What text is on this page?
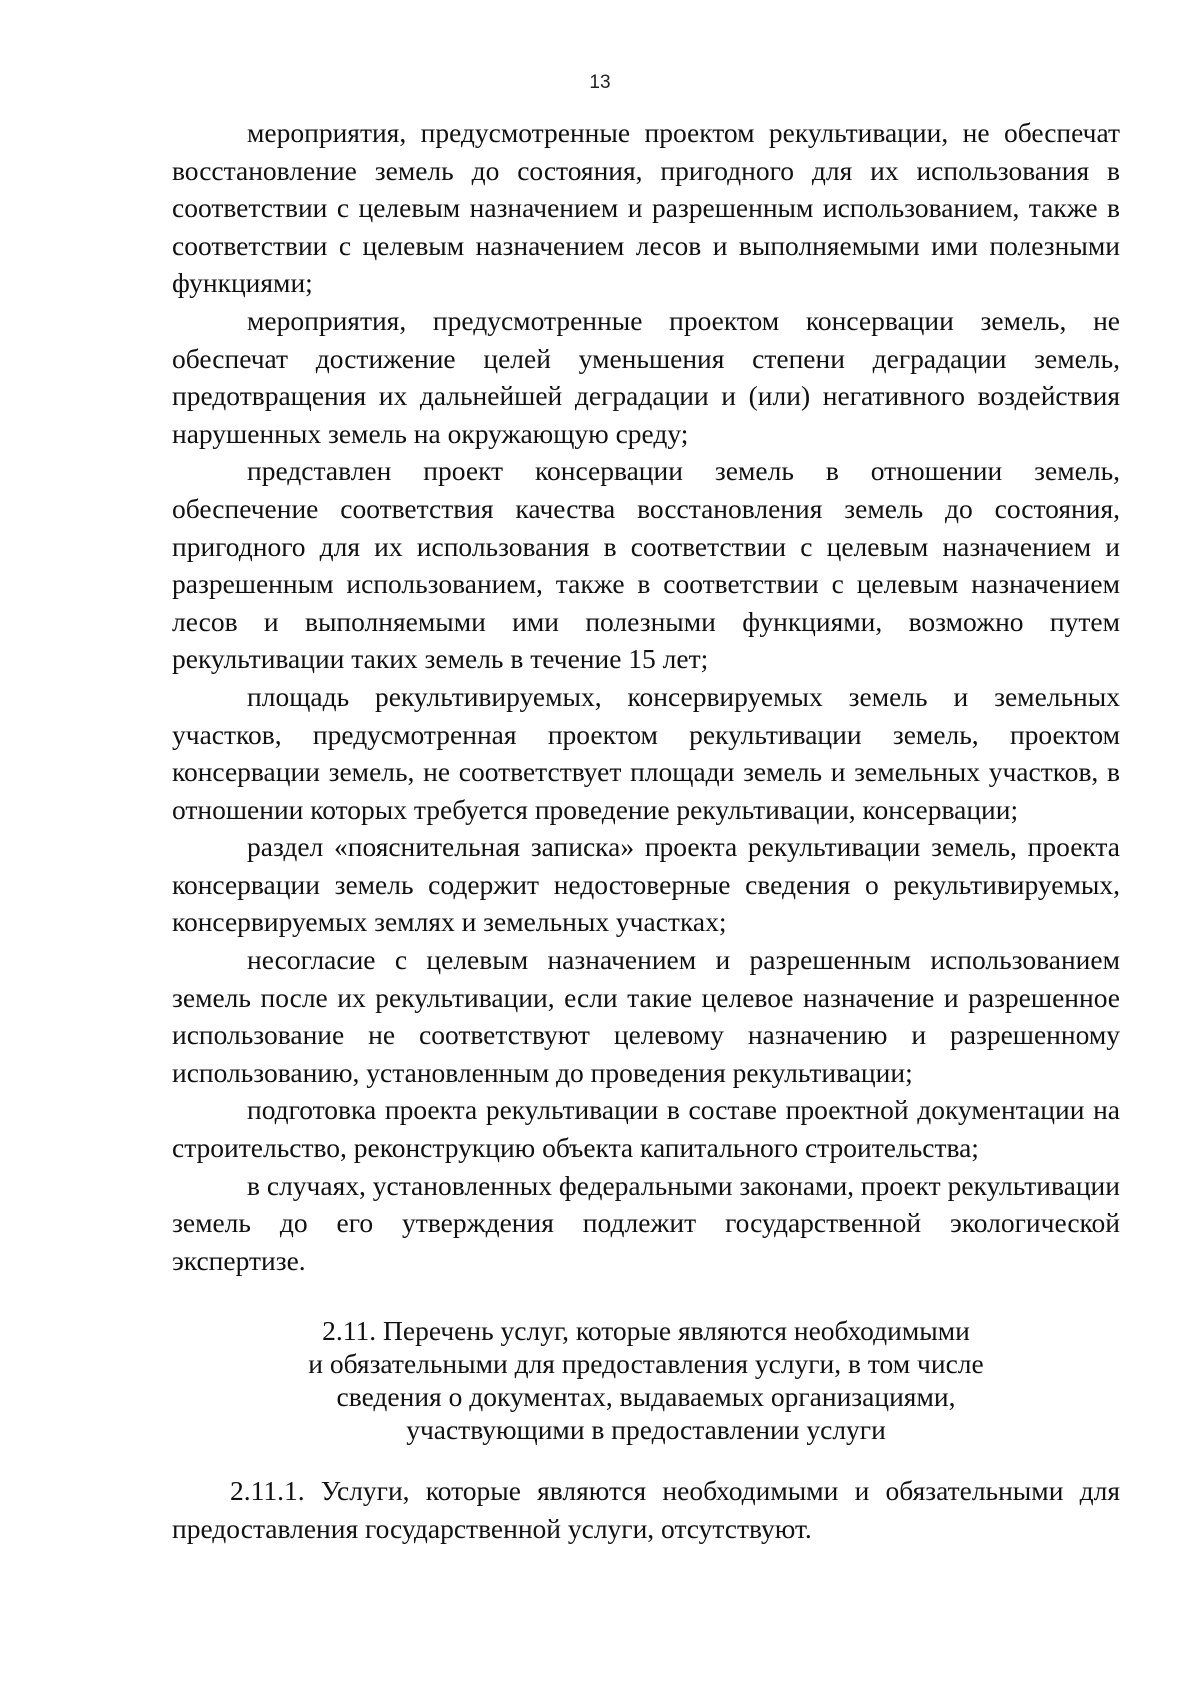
13

мероприятия, предусмотренные проектом рекультивации, не обеспечат восстановление земель до состояния, пригодного для их использования в соответствии с целевым назначением и разрешенным использованием, также в соответствии с целевым назначением лесов и выполняемыми ими полезными функциями;

мероприятия, предусмотренные проектом консервации земель, не обеспечат достижение целей уменьшения степени деградации земель, предотвращения их дальнейшей деградации и (или) негативного воздействия нарушенных земель на окружающую среду;

представлен проект консервации земель в отношении земель, обеспечение соответствия качества восстановления земель до состояния, пригодного для их использования в соответствии с целевым назначением и разрешенным использованием, также в соответствии с целевым назначением лесов и выполняемыми ими полезными функциями, возможно путем рекультивации таких земель в течение 15 лет;

площадь рекультивируемых, консервируемых земель и земельных участков, предусмотренная проектом рекультивации земель, проектом консервации земель, не соответствует площади земель и земельных участков, в отношении которых требуется проведение рекультивации, консервации;

раздел «пояснительная записка» проекта рекультивации земель, проекта консервации земель содержит недостоверные сведения о рекультивируемых, консервируемых землях и земельных участках;

несогласие с целевым назначением и разрешенным использованием земель после их рекультивации, если такие целевое назначение и разрешенное использование не соответствуют целевому назначению и разрешенному использованию, установленным до проведения рекультивации;

подготовка проекта рекультивации в составе проектной документации на строительство, реконструкцию объекта капитального строительства;

в случаях, установленных федеральными законами, проект рекультивации земель до его утверждения подлежит государственной экологической экспертизе.

2.11. Перечень услуг, которые являются необходимыми
и обязательными для предоставления услуги, в том числе
сведения о документах, выдаваемых организациями,
участвующими в предоставлении услуги

2.11.1. Услуги, которые являются необходимыми и обязательными для предоставления государственной услуги, отсутствуют.
